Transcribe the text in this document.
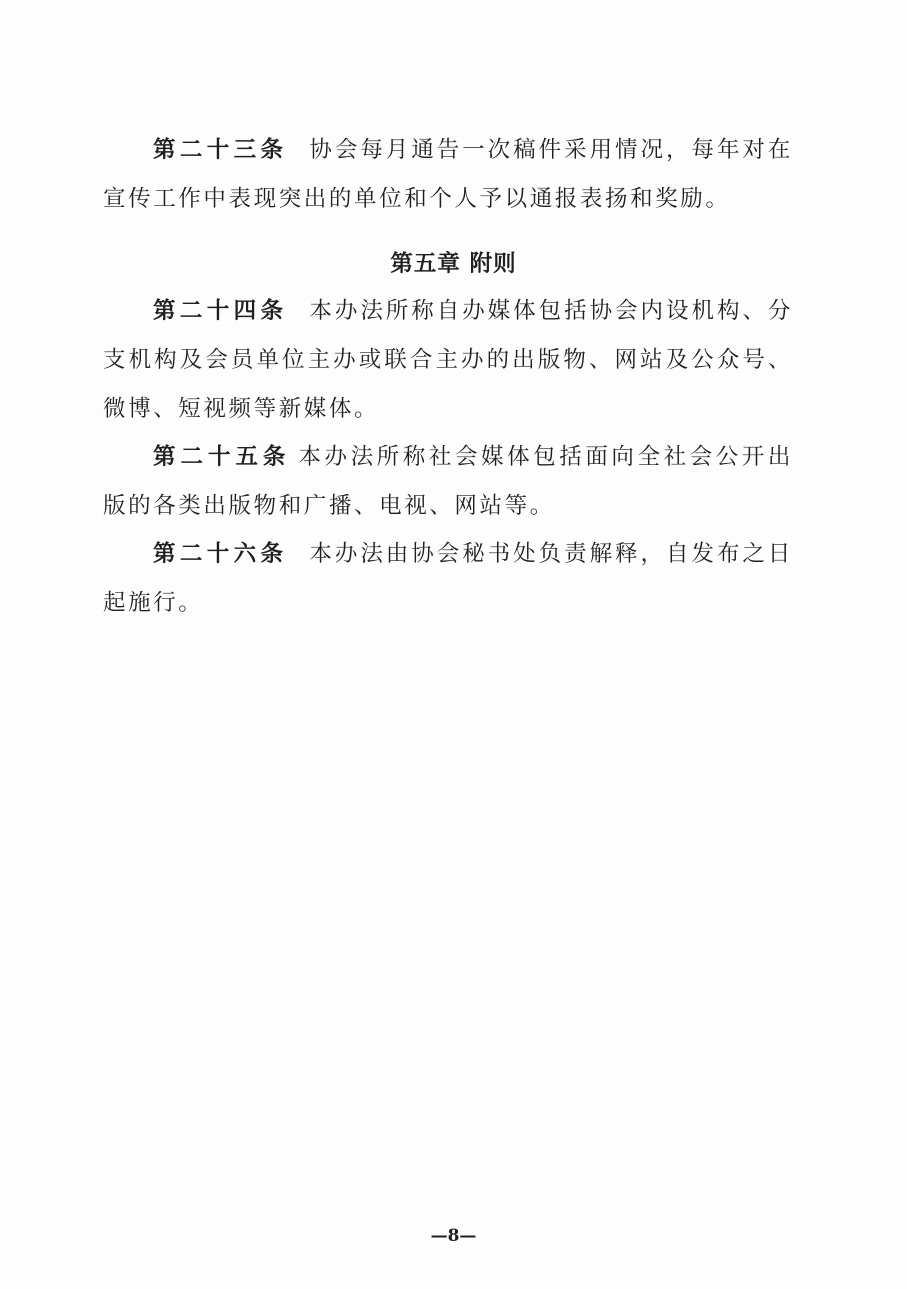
第二十三条 协会每月通告一次稿件采用情况，每年对在宣传工作中表现突出的单位和个人予以通报表扬和奖励。

第五章 附则

第二十四条 本办法所称自办媒体包括协会内设机构、分支机构及会员单位主办或联合主办的出版物、网站及公众号、微博、短视频等新媒体。

第二十五条 本办法所称社会媒体包括面向全社会公开出版的各类出版物和广播、电视、网站等。

第二十六条 本办法由协会秘书处负责解释，自发布之日起施行。

—8—
